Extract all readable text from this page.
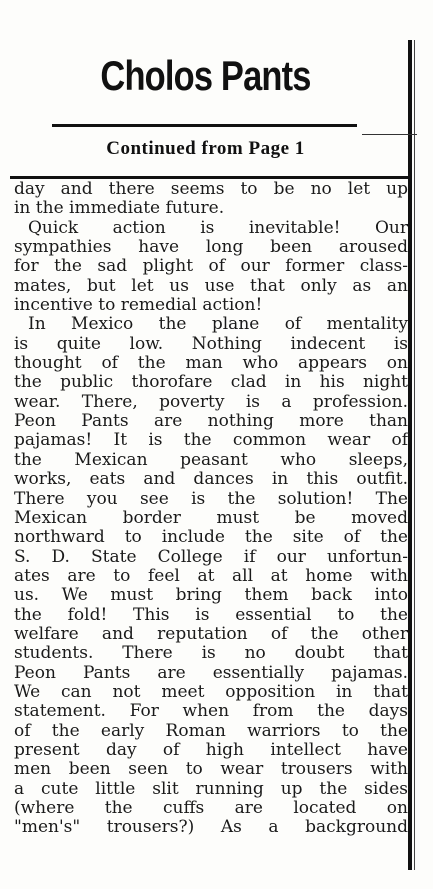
Cholos Pants
Continued from Page 1
day and there seems to be no let up
in the immediate future.
Quick action is inevitable! Our
sympathies have long been aroused
for the sad plight of our former class-
mates, but let us use that only as an
incentive to remedial action!
In Mexico the plane of mentality
is quite low. Nothing indecent is
thought of the man who appears on
the public thorofare clad in his night
wear. There, poverty is a profession.
Peon Pants are nothing more than
pajamas! It is the common wear of
the Mexican peasant who sleeps,
works, eats and dances in this outfit.
There you see is the solution! The
Mexican border must be moved
northward to include the site of the
S. D. State College if our unfortun-
ates are to feel at all at home with
us. We must bring them back into
the fold! This is essential to the
welfare and reputation of the other
students. There is no doubt that
Peon Pants are essentially pajamas.
We can not meet opposition in that
statement. For when from the days
of the early Roman warriors to the
present day of high intellect have
men been seen to wear trousers with
a cute little slit running up the sides
(where the cuffs are located on
"men's" trousers?) As a background
